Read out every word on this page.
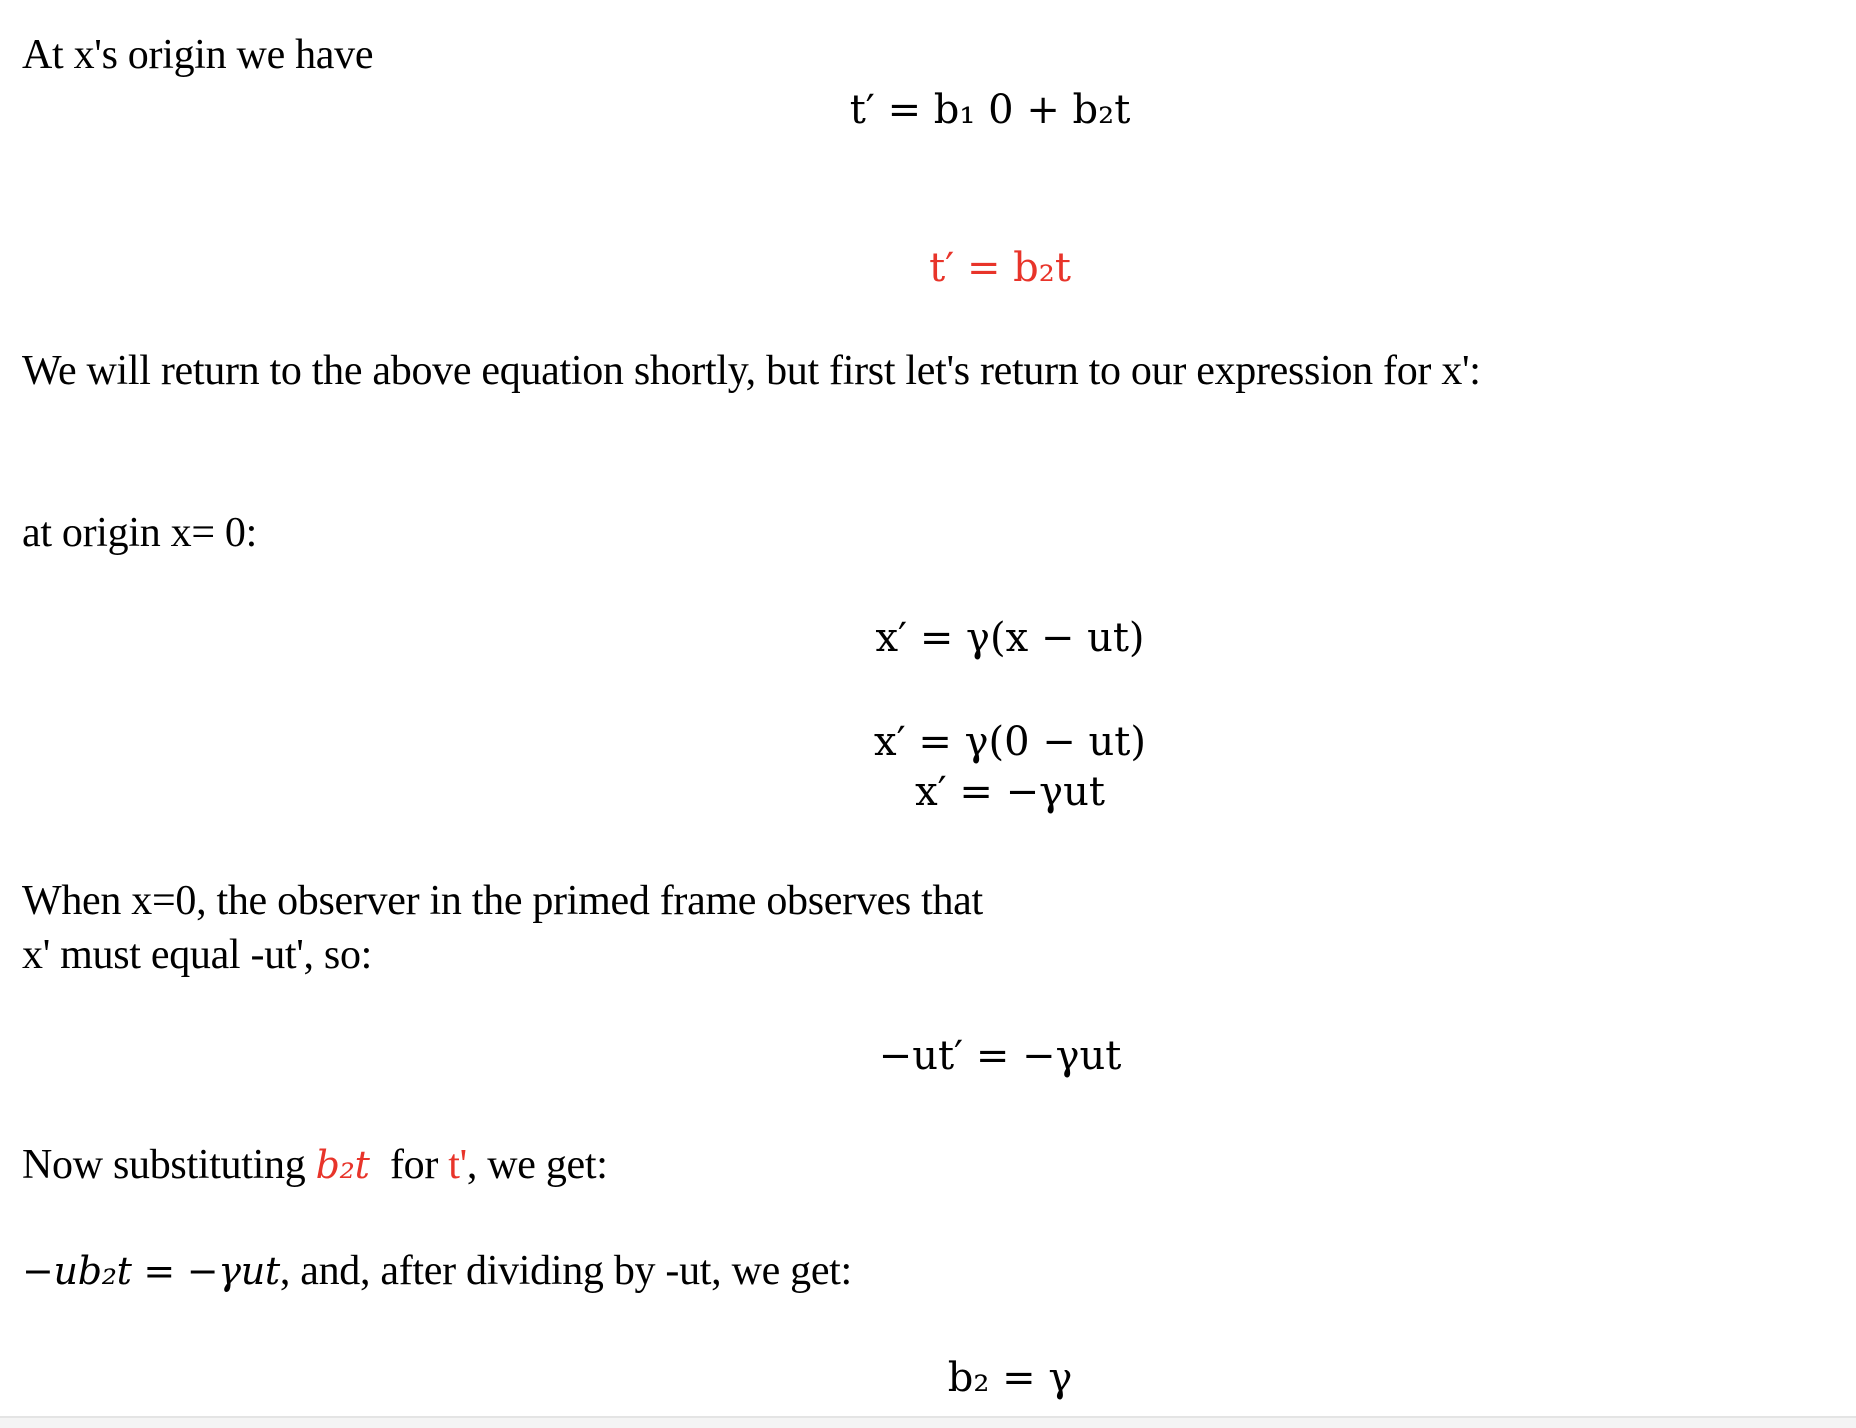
At x's origin we have
t′ = b₁ 0 + b₂t
t′ = b₂t
We will return to the above equation shortly, but first let's return to our expression for x':
at origin x= 0:
x′ = γ(x − ut)
x′ = γ(0 − ut)
x′ = −γut
When x=0, the observer in the primed frame observes that
x' must equal -ut', so:
−ut′ = −γut
Now substituting b₂t  for t', we get:
−ub₂t = −γut, and, after dividing by -ut, we get:
b₂ = γ
